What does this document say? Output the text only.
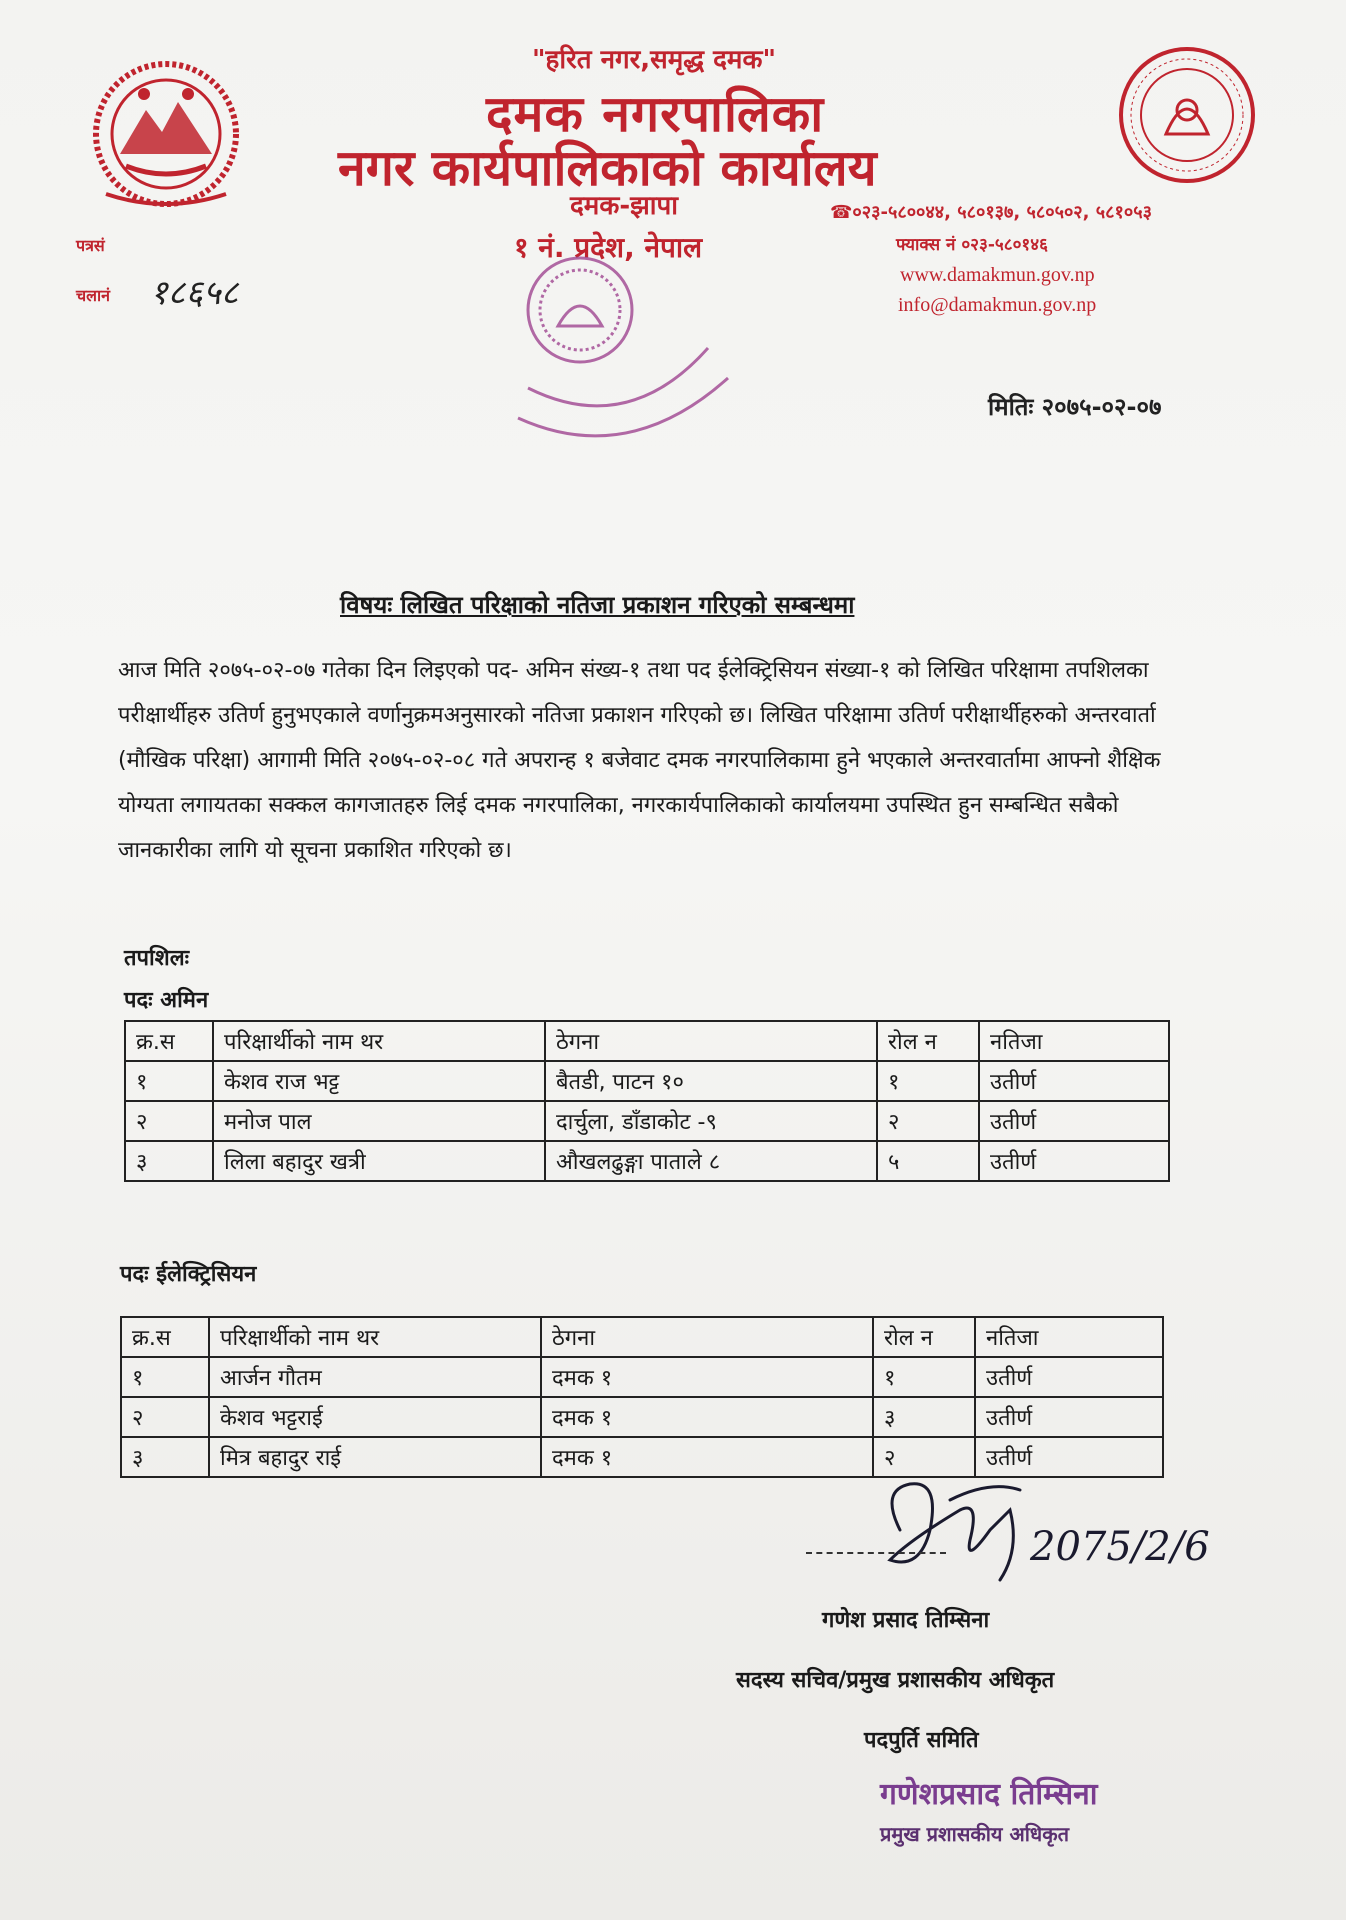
"हरित नगर,समृद्ध दमक"
दमक नगरपालिका
नगर कार्यपालिकाको कार्यालय
दमक-झापा
१ नं. प्रदेश, नेपाल
☎०२३-५८००४४, ५८०१३७, ५८०५०२, ५८१०५३
फ्याक्स नं ०२३-५८०१४६
www.damakmun.gov.np
info@damakmun.gov.np
पत्रसं
चलानं १८६५८
मितिः २०७५-०२-०७
विषयः लिखित परिक्षाको नतिजा प्रकाशन गरिएको सम्बन्धमा
आज मिति २०७५-०२-०७ गतेका दिन लिइएको पद- अमिन संख्य-१ तथा पद ईलेक्ट्रिसियन संख्या-१ को लिखित परिक्षामा तपशिलका परीक्षार्थीहरु उतिर्ण हुनुभएकाले वर्णानुक्रमअनुसारको नतिजा प्रकाशन गरिएको छ। लिखित परिक्षामा उतिर्ण परीक्षार्थीहरुको अन्तरवार्ता (मौखिक परिक्षा) आगामी मिति २०७५-०२-०८ गते अपरान्ह १ बजेवाट दमक नगरपालिकामा हुने भएकाले अन्तरवार्तामा आफ्नो शैक्षिक योग्यता लगायतका सक्कल कागजातहरु लिई दमक नगरपालिका, नगरकार्यपालिकाको कार्यालयमा उपस्थित हुन सम्बन्धित सबैको जानकारीका लागि यो सूचना प्रकाशित गरिएको छ।
तपशिलः
पदः अमिन
क्र.स	परिक्षार्थीको नाम थर	ठेगना	रोल न	नतिजा
१	केशव राज भट्ट	बैतडी, पाटन १०	१	उतीर्ण
२	मनोज पाल	दार्चुला, डाँडाकोट -९	२	उतीर्ण
३	लिला बहादुर खत्री	औखलढुङ्गा पाताले ८	५	उतीर्ण
पदः ईलेक्ट्रिसियन
क्र.स	परिक्षार्थीको नाम थर	ठेगना	रोल न	नतिजा
१	आर्जन गौतम	दमक १	१	उतीर्ण
२	केशव भट्टराई	दमक १	३	उतीर्ण
३	मित्र बहादुर राई	दमक १	२	उतीर्ण
2075/2/6
गणेश प्रसाद तिम्सिना
सदस्य सचिव/प्रमुख प्रशासकीय अधिकृत
पदपुर्ति समिति
गणेशप्रसाद तिम्सिना
प्रमुख प्रशासकीय अधिकृत
